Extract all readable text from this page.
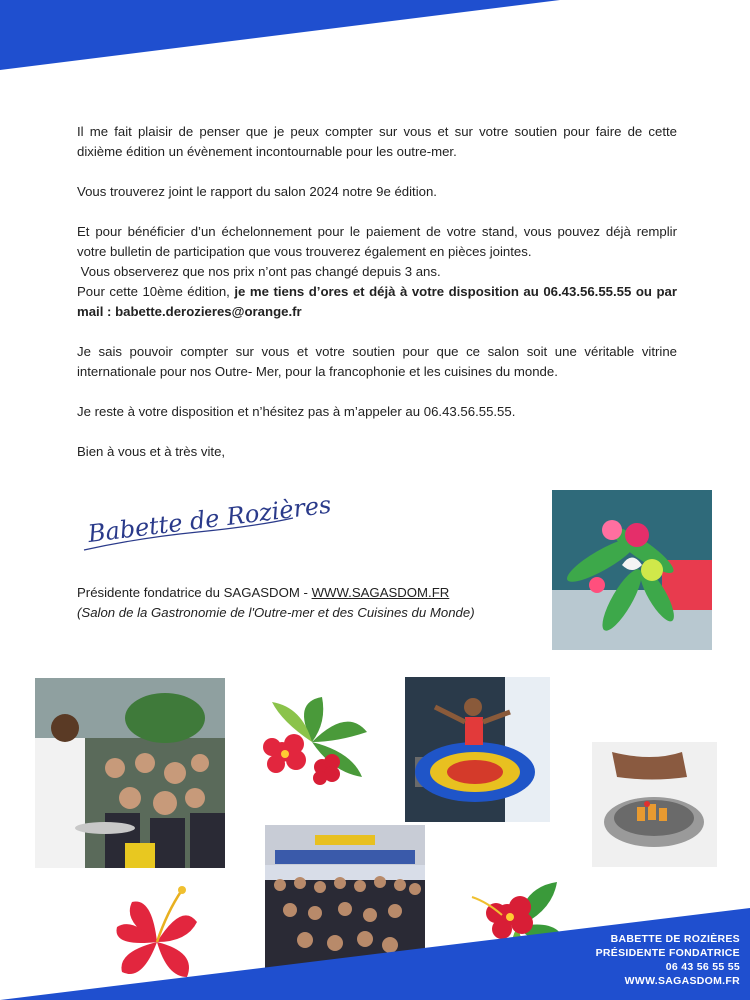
Il me fait plaisir de penser que je peux compter sur vous et sur votre soutien pour faire de cette dixième édition un évènement incontournable pour les outre-mer.

Vous trouverez joint le rapport du salon 2024 notre 9e édition.

Et pour bénéficier d’un échelonnement pour le paiement de votre stand, vous pouvez déjà remplir votre bulletin de participation que vous trouverez également en pièces jointes.

Vous observerez que nos prix n’ont pas changé depuis 3 ans.

Pour cette 10ème édition, je me tiens d’ores et déjà à votre disposition au 06.43.56.55.55 ou par mail : babette.derozieres@orange.fr

Je sais pouvoir compter sur vous et votre soutien pour que ce salon soit une véritable vitrine internationale pour nos Outre- Mer, pour la francophonie et les cuisines du monde.

Je reste à votre disposition et n’hésitez pas à m’appeler au 06.43.56.55.55.

Bien à vous et à très vite,

Babette de Rozières
Présidente fondatrice du SAGASDOM - WWW.SAGASDOM.FR
(Salon de la Gastronomie de l'Outre-mer et des Cuisines du Monde)
BABETTE DE ROZIÈRES
PRÉSIDENTE FONDATRICE
06 43 56 55 55
WWW.SAGASDOM.FR
